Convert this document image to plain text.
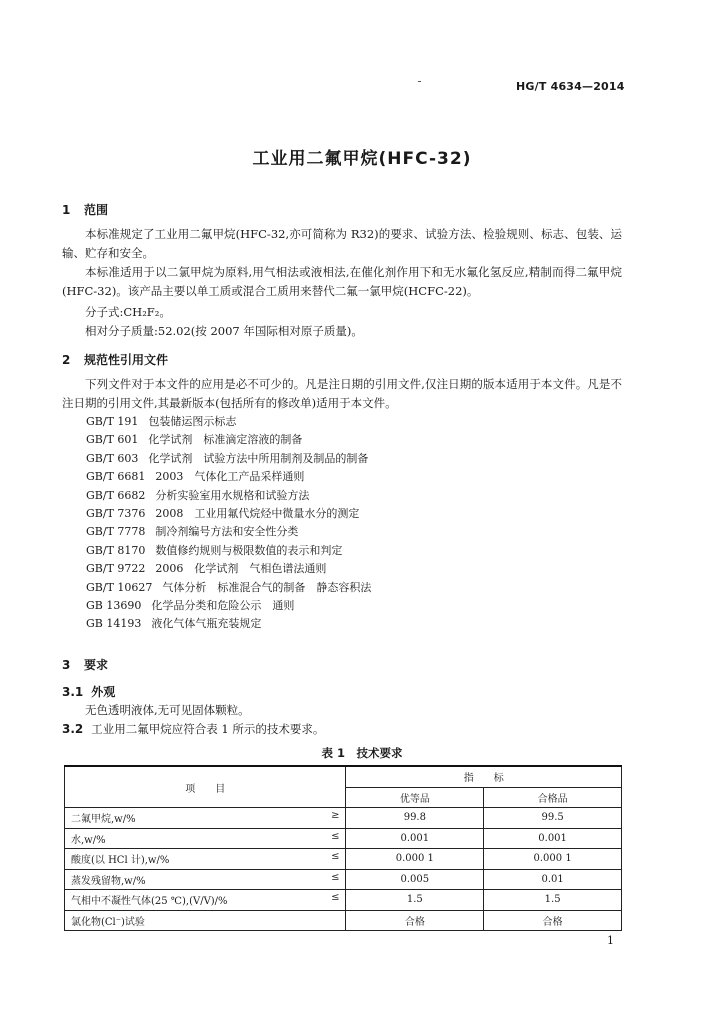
HG/T 4634—2014
工业用二氟甲烷(HFC-32)
1 范围
本标准规定了工业用二氟甲烷(HFC-32,亦可简称为 R32)的要求、试验方法、检验规则、标志、包装、运输、贮存和安全。
本标准适用于以二氯甲烷为原料,用气相法或液相法,在催化剂作用下和无水氟化氢反应,精制而得二氟甲烷(HFC-32)。该产品主要以单工质或混合工质用来替代二氟一氯甲烷(HCFC-22)。
分子式:CH₂F₂。
相对分子质量:52.02(按 2007 年国际相对原子质量)。
2 规范性引用文件
下列文件对于本文件的应用是必不可少的。凡是注日期的引用文件,仅注日期的版本适用于本文件。凡是不注日期的引用文件,其最新版本(包括所有的修改单)适用于本文件。
GB/T 191 包装储运图示标志
GB/T 601 化学试剂　标准滴定溶液的制备
GB/T 603 化学试剂　试验方法中所用制剂及制品的制备
GB/T 6681 2003　气体化工产品采样通则
GB/T 6682 分析实验室用水规格和试验方法
GB/T 7376 2008　工业用氟代烷烃中微量水分的测定
GB/T 7778 制冷剂编号方法和安全性分类
GB/T 8170 数值修约规则与极限数值的表示和判定
GB/T 9722 2006　化学试剂　气相色谱法通则
GB/T 10627 气体分析　标准混合气的制备　静态容积法
GB 13690 化学品分类和危险公示　通则
GB 14193 液化气体气瓶充装规定
3 要求
3.1 外观
无色透明液体,无可见固体颗粒。
3.2 工业用二氟甲烷应符合表 1 所示的技术要求。
表 1　技术要求
项　　目	指　　标	
	优等品	合格品

二氟甲烷,w/% ≥	99.8	99.5

水,w/% ≤	0.001	0.001

酸度(以 HCl 计),w/% ≤	0.000 1	0.000 1

蒸发残留物,w/% ≤	0.005	0.01

气相中不凝性气体(25 ℃),(V/V)/% ≤	1.5	1.5

氯化物(Cl⁻)试验	合格	合格
1
